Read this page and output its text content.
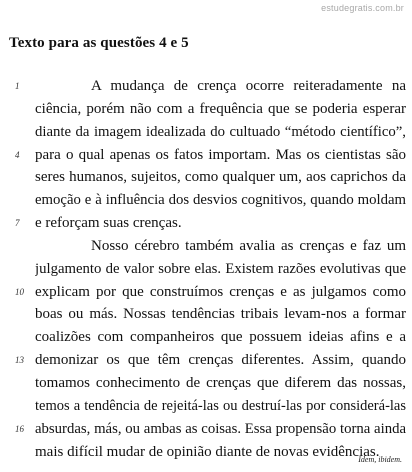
estudegratis.com.br
Texto para as questões 4 e 5
1	A mudança de crença ocorre reiteradamente na
ciência, porém não com a frequência que se poderia esperar
diante da imagem idealizada do cultuado “método científico”,
4	para o qual apenas os fatos importam. Mas os cientistas são
seres humanos, sujeitos, como qualquer um, aos caprichos da
emoção e à influência dos desvios cognitivos, quando moldam
7	e reforçam suas crenças.
Nosso cérebro também avalia as crenças e faz um
julgamento de valor sobre elas. Existem razões evolutivas que
10 explicam por que construímos crenças e as julgamos como
boas ou más. Nossas tendências tribais levam-nos a formar
coalizões com companheiros que possuem ideias afins e a
13 demonizar os que têm crenças diferentes. Assim, quando
tomamos conhecimento de crenças que diferem das nossas,
temos a tendência de rejeitá-las ou destruí-las por considerá-las
16 absurdas, más, ou ambas as coisas. Essa propensão torna ainda
mais difícil mudar de opinião diante de novas evidências.
Idem, ibidem.
